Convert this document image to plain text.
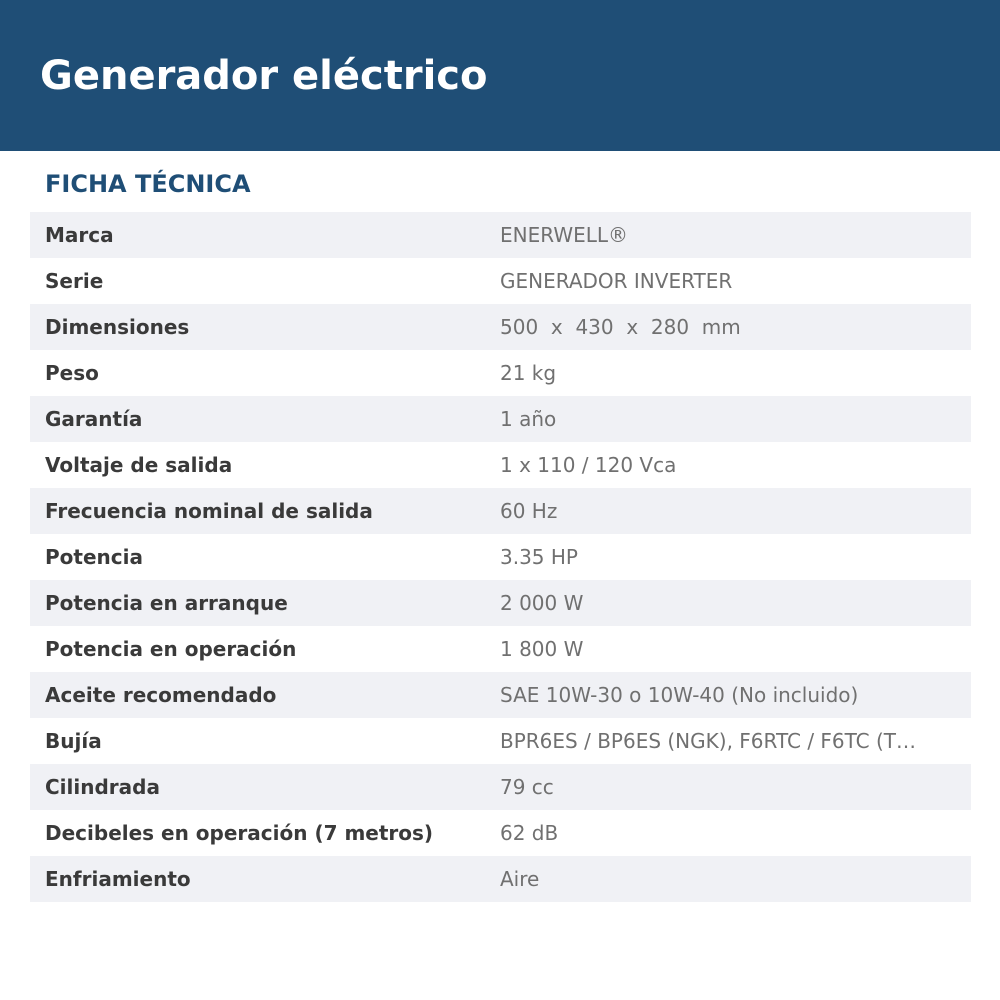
Generador eléctrico
FICHA TÉCNICA
Marca	ENERWELL®
Serie	GENERADOR INVERTER
Dimensiones	500  x  430  x  280  mm
Peso	21 kg
Garantía	1 año
Voltaje de salida	1 x 110 / 120 Vca
Frecuencia nominal de salida	60 Hz
Potencia	3.35 HP
Potencia en arranque	2 000 W
Potencia en operación	1 800 W
Aceite recomendado	SAE 10W-30 o 10W-40 (No incluido)
Bujía	BPR6ES / BP6ES (NGK), F6RTC / F6TC (T…
Cilindrada	79 cc
Decibeles en operación (7 metros)	62 dB
Enfriamiento	Aire
